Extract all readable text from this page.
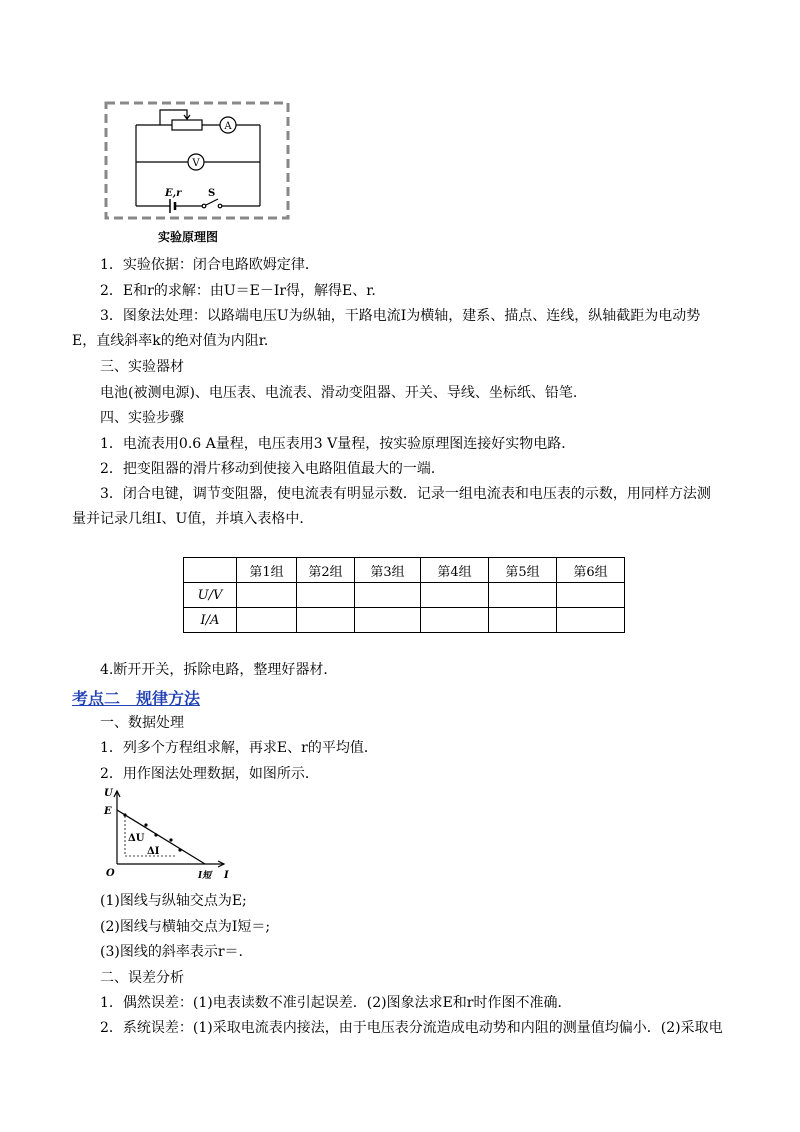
A
V
E,r	S
实验原理图
1．实验依据：闭合电路欧姆定律．
2．E和r的求解：由U＝E－Ir得，解得E、r.
3．图象法处理：以路端电压U为纵轴，干路电流I为横轴，建系、描点、连线，纵轴截距为电动势
E，直线斜率k的绝对值为内阻r.
三、实验器材
电池(被测电源)、电压表、电流表、滑动变阻器、开关、导线、坐标纸、铅笔.
四、实验步骤
1．电流表用0.6 A量程，电压表用3 V量程，按实验原理图连接好实物电路．
2．把变阻器的滑片移动到使接入电路阻值最大的一端．
3．闭合电键，调节变阻器，使电流表有明显示数．记录一组电流表和电压表的示数，用同样方法测
量并记录几组I、U值，并填入表格中．
	第1组	第2组	第3组	第4组	第5组	第6组
U/V						
I/A						
4.断开开关，拆除电路，整理好器材．
考点二　规律方法
一、数据处理
1．列多个方程组求解，再求E、r的平均值．
2．用作图法处理数据，如图所示．
U
E
O	I
I短
ΔU
ΔI
(1)图线与纵轴交点为E;
(2)图线与横轴交点为I短＝;
(3)图线的斜率表示r＝.
二、误差分析
1．偶然误差：(1)电表读数不准引起误差．(2)图象法求E和r时作图不准确．
2．系统误差：(1)采取电流表内接法，由于电压表分流造成电动势和内阻的测量值均偏小．(2)采取电
